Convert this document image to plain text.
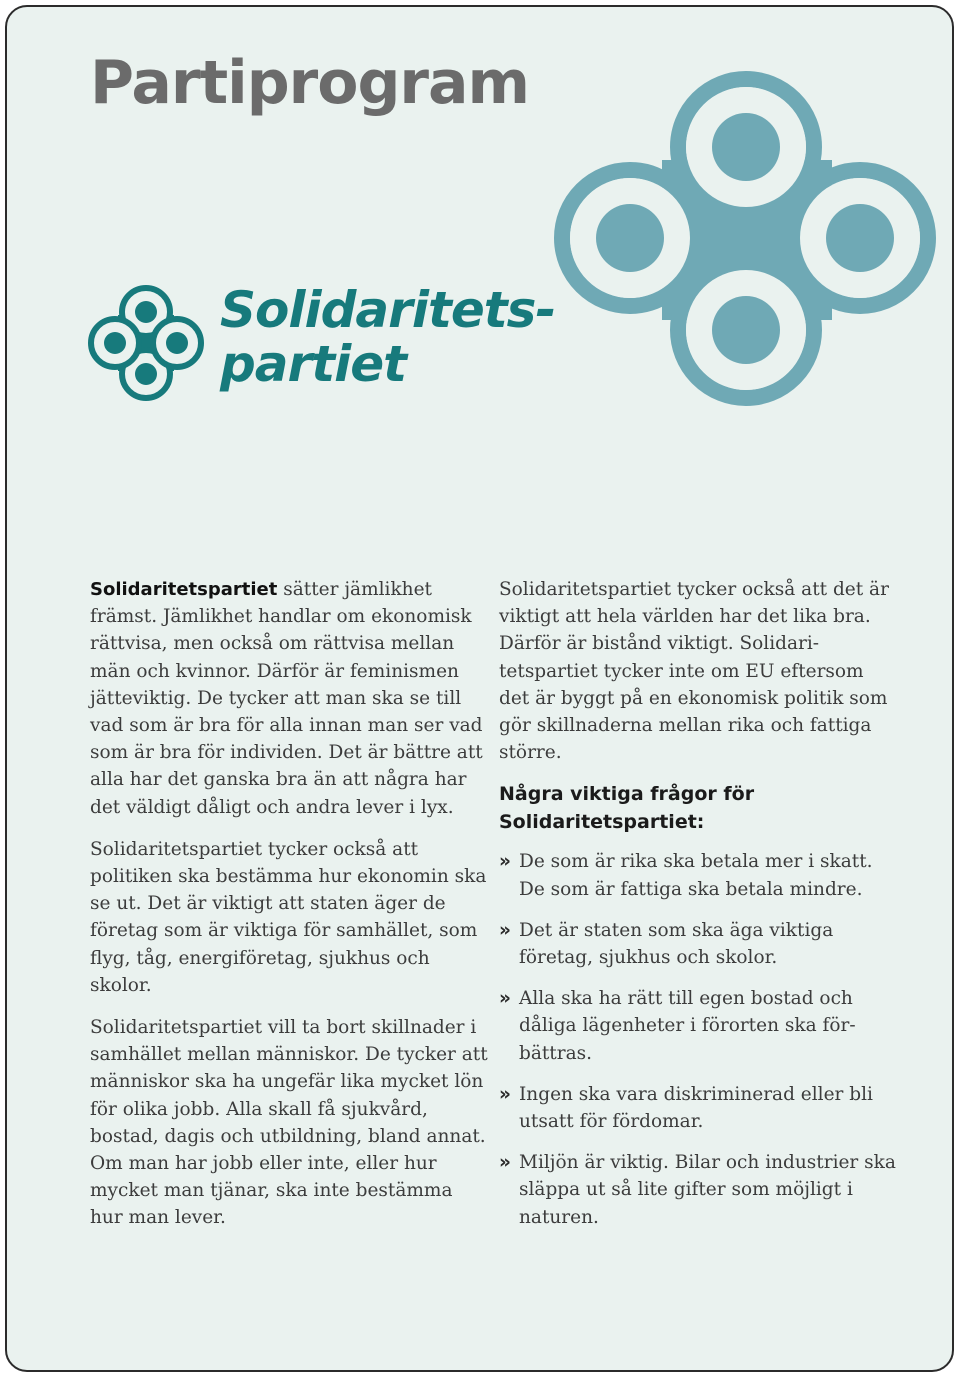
Partiprogram
Solidaritets-
partiet

Solidaritetspartiet sätter jämlikhet främst. Jämlikhet handlar om ekonomisk rättvisa, men också om rättvisa mellan män och kvinnor. Därför är feminismen jätteviktig. De tycker att man ska se till vad som är bra för alla innan man ser vad som är bra för individen. Det är bättre att alla har det ganska bra än att några har det väldigt dåligt och andra lever i lyx.

Solidaritetspartiet tycker också att politiken ska bestämma hur ekonomin ska se ut. Det är viktigt att staten äger de företag som är viktiga för samhället, som flyg, tåg, energiföretag, sjukhus och skolor.

Solidaritetspartiet vill ta bort skillnader i samhället mellan människor. De tycker att människor ska ha ungefär lika mycket lön för olika jobb. Alla skall få sjukvård, bostad, dagis och utbildning, bland annat. Om man har jobb eller inte, eller hur mycket man tjänar, ska inte bestämma hur man lever.

Solidaritetspartiet tycker också att det är viktigt att hela världen har det lika bra. Därför är bistånd viktigt. Solidaritetspartiet tycker inte om EU eftersom det är byggt på en ekonomisk politik som gör skillnaderna mellan rika och fattiga större.

Några viktiga frågor för Solidaritetspartiet:
» De som är rika ska betala mer i skatt. De som är fattiga ska betala mindre.
» Det är staten som ska äga viktiga företag, sjukhus och skolor.
» Alla ska ha rätt till egen bostad och dåliga lägenheter i förorten ska förbättras.
» Ingen ska vara diskriminerad eller bli utsatt för fördomar.
» Miljön är viktig. Bilar och industrier ska släppa ut så lite gifter som möjligt i naturen.
